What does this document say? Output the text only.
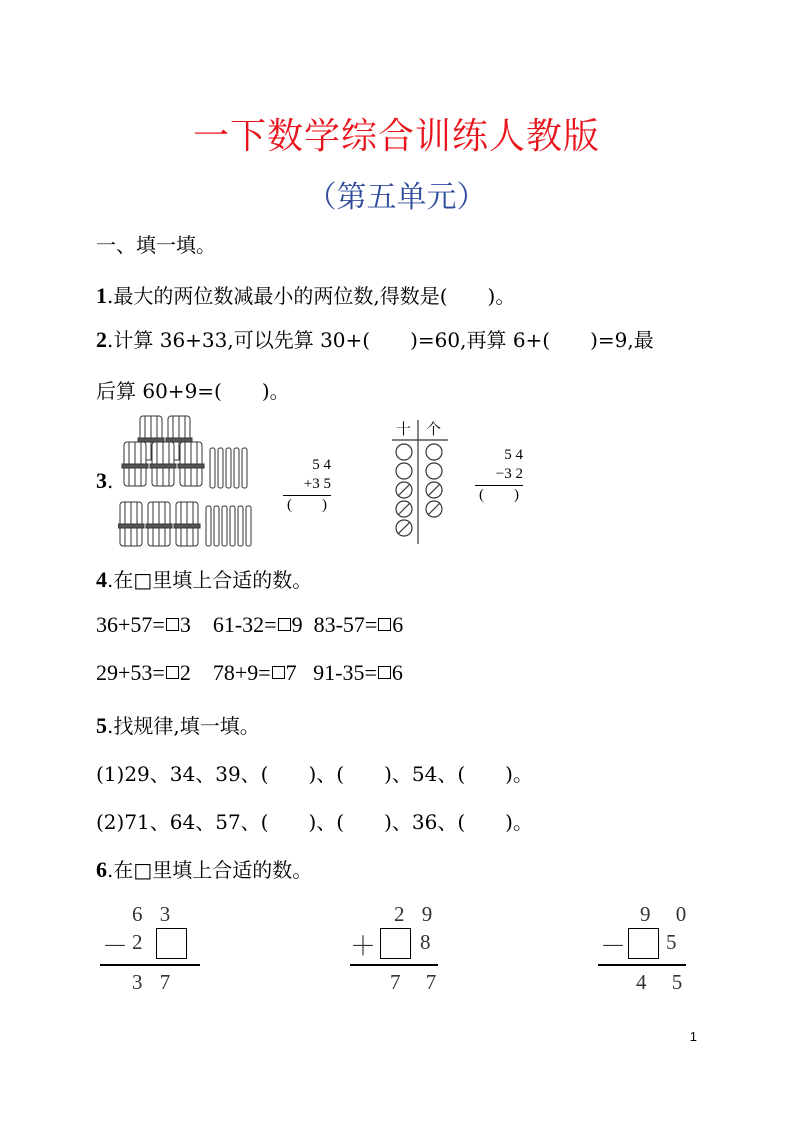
一下数学综合训练人教版
（第五单元）
一、填一填。
1.最大的两位数减最小的两位数,得数是(　　)。
2.计算 36+33,可以先算 30+(　　)=60,再算 6+(　　)=9,最
后算 60+9=(　　)。
3.
5 4
+3 5
(　　)
十 个
5 4
−3 2
(　　)
4.在□里填上合适的数。
36+57= 3 61-32= 9 83-57= 6
29+53= 2 78+9= 7 91-35= 6
5.找规律,填一填。
(1)29、34、39、(　　)、(　　)、54、(　　)。
(2)71、64、57、(　　)、(　　)、36、(　　)。
6.在□里填上合适的数。
6 3
－ 2
3 7
2 9
＋ 8
7 7
9 0
－ 5
4 5
1
